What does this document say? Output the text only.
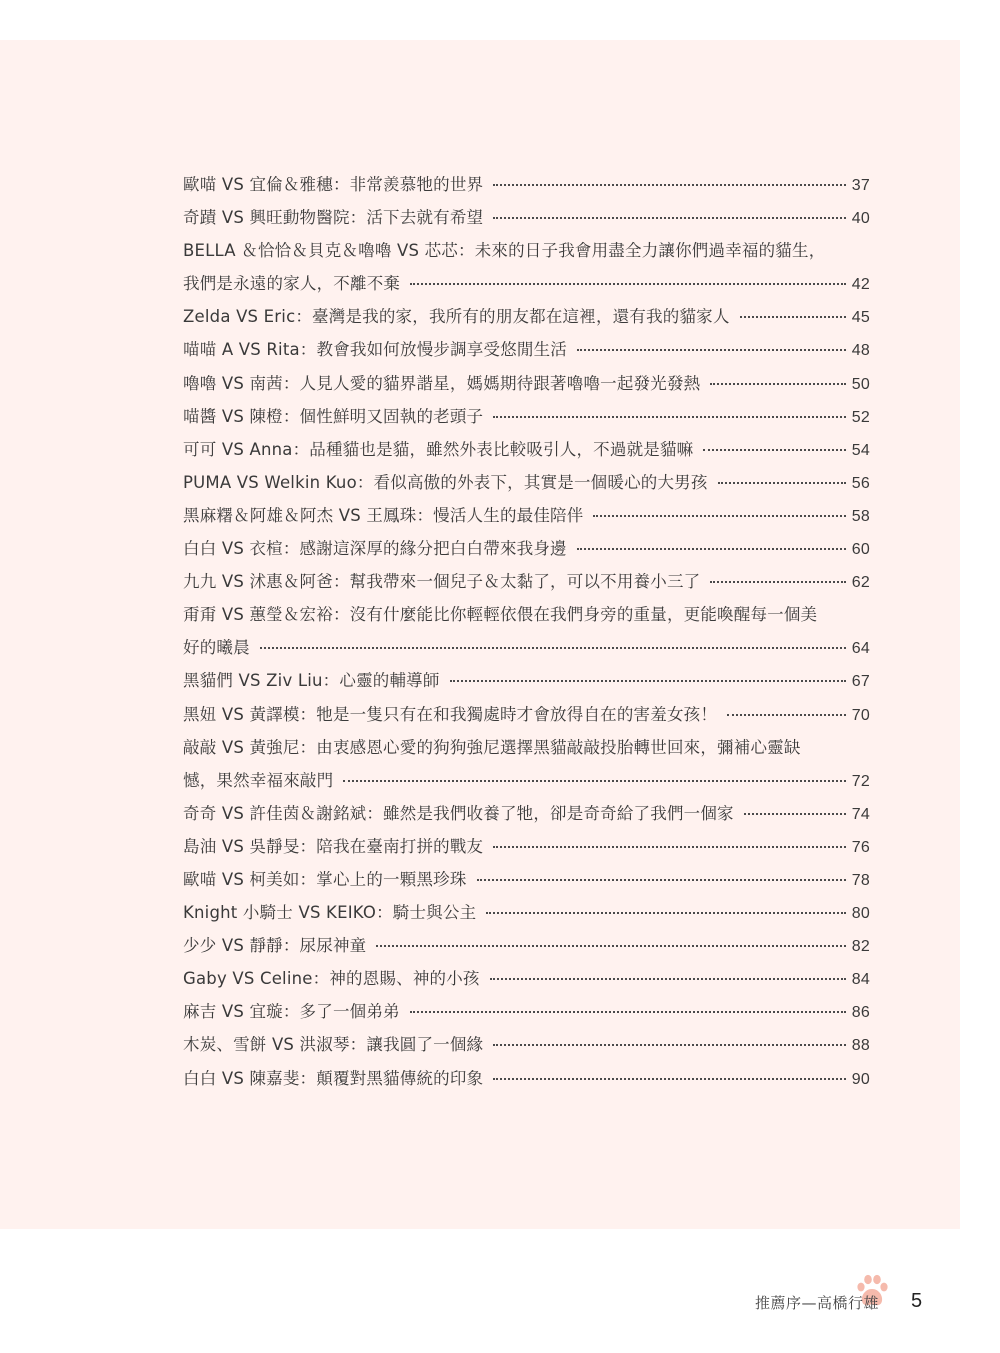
歐喵 VS 宜倫＆雅穗：非常羨慕牠的世界	37
奇蹟 VS 興旺動物醫院：活下去就有希望	40
BELLA ＆恰恰＆貝克＆嚕嚕 VS 芯芯：未來的日子我會用盡全力讓你們過幸福的貓生，
我們是永遠的家人，不離不棄	42
Zelda VS Eric：臺灣是我的家，我所有的朋友都在這裡，還有我的貓家人	45
喵喵 A VS Rita：教會我如何放慢步調享受悠閒生活	48
嚕嚕 VS 南茜：人見人愛的貓界諧星，媽媽期待跟著嚕嚕一起發光發熱	50
喵醬 VS 陳橙：個性鮮明又固執的老頭子	52
可可 VS Anna：品種貓也是貓，雖然外表比較吸引人，不過就是貓嘛	54
PUMA VS Welkin Kuo：看似高傲的外表下，其實是一個暖心的大男孩	56
黑麻糬＆阿雄＆阿杰 VS 王鳳珠：慢活人生的最佳陪伴	58
白白 VS 衣楦：感謝這深厚的緣分把白白帶來我身邊	60
九九 VS 沭惠＆阿爸：幫我帶來一個兒子＆太黏了，可以不用養小三了	62
甭甭 VS 蕙瑩＆宏裕：沒有什麼能比你輕輕依偎在我們身旁的重量，更能喚醒每一個美
好的曦晨	64
黑貓們 VS Ziv Liu：心靈的輔導師	67
黑妞 VS 黃譯模：牠是一隻只有在和我獨處時才會放得自在的害羞女孩！	70
敲敲 VS 黃強尼：由衷感恩心愛的狗狗強尼選擇黑貓敲敲投胎轉世回來，彌補心靈缺
憾，果然幸福來敲門	72
奇奇 VS 許佳茵＆謝銘斌：雖然是我們收養了牠，卻是奇奇給了我們一個家	74
島油 VS 吳靜旻：陪我在臺南打拼的戰友	76
歐喵 VS 柯美如：掌心上的一顆黑珍珠	78
Knight 小騎士 VS KEIKO：騎士與公主	80
少少 VS 靜靜：尿尿神童	82
Gaby VS Celine：神的恩賜、神的小孩	84
麻吉 VS 宜璇：多了一個弟弟	86
木炭、雪餅 VS 洪淑琴：讓我圓了一個緣	88
白白 VS 陳嘉斐：顛覆對黑貓傳統的印象	90
推薦序—高橋行雄 5
